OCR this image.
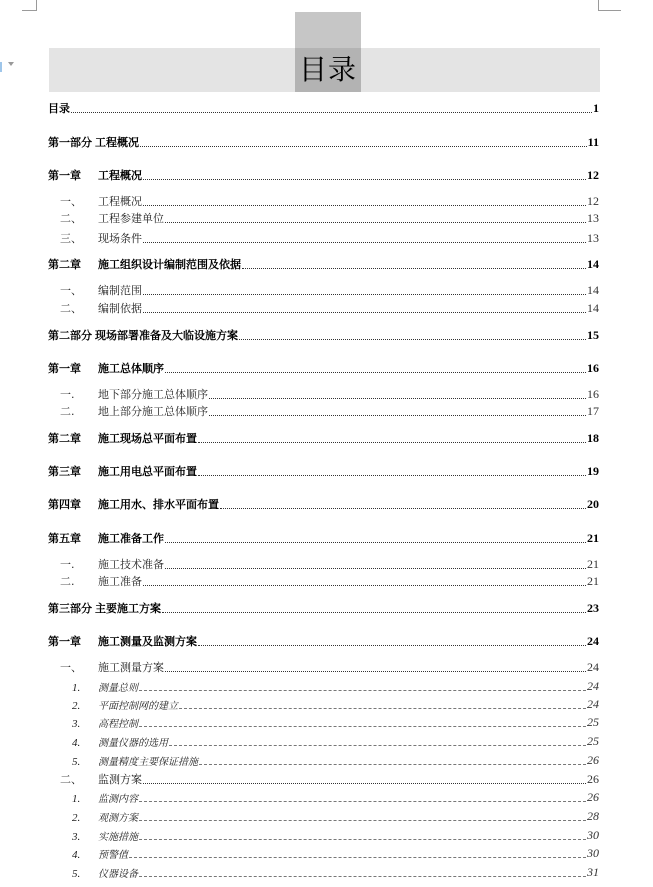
目录
目录	1
第一部分 工程概况	11
第一章	工程概况	12
一、	工程概况	12
二、	工程参建单位	13
三、	现场条件	13
第二章	施工组织设计编制范围及依据	14
一、	编制范围	14
二、	编制依据	14
第二部分 现场部署准备及大临设施方案	15
第一章	施工总体顺序	16
一.	地下部分施工总体顺序	16
二.	地上部分施工总体顺序	17
第二章	施工现场总平面布置	18
第三章	施工用电总平面布置	19
第四章	施工用水、排水平面布置	20
第五章	施工准备工作	21
一.	施工技术准备	21
二.	施工准备	21
第三部分 主要施工方案	23
第一章	施工测量及监测方案	24
一、	施工测量方案	24
1.	测量总则	24
2.	平面控制网的建立	24
3.	高程控制	25
4.	测量仪器的选用	25
5.	测量精度主要保证措施	26
二、	监测方案	26
1.	监测内容	26
2.	观测方案	28
3.	实施措施	30
4.	预警值	30
5.	仪器设备	31
